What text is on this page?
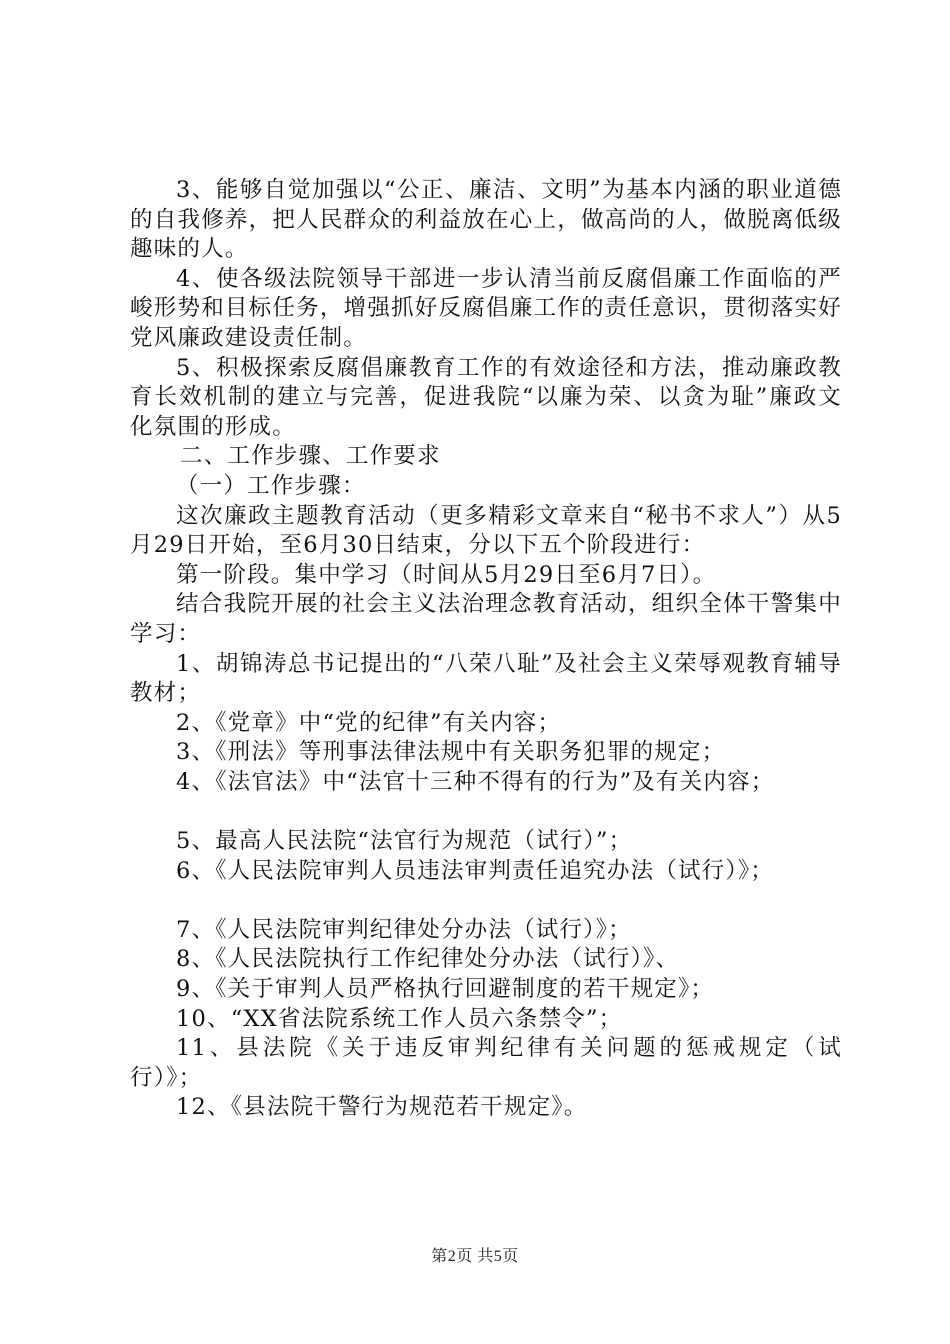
3、能够自觉加强以“公正、廉洁、文明”为基本内涵的职业道德的自我修养，把人民群众的利益放在心上，做高尚的人，做脱离低级趣味的人。

4、使各级法院领导干部进一步认清当前反腐倡廉工作面临的严峻形势和目标任务，增强抓好反腐倡廉工作的责任意识，贯彻落实好党风廉政建设责任制。

5、积极探索反腐倡廉教育工作的有效途径和方法，推动廉政教育长效机制的建立与完善，促进我院“以廉为荣、以贪为耻”廉政文化氛围的形成。

二、工作步骤、工作要求

（一）工作步骤：

这次廉政主题教育活动（更多精彩文章来自“秘书不求人”）从5月29日开始，至6月30日结束，分以下五个阶段进行：

第一阶段。集中学习（时间从5月29日至6月7日）。

结合我院开展的社会主义法治理念教育活动，组织全体干警集中学习：

1、胡锦涛总书记提出的“八荣八耻”及社会主义荣辱观教育辅导教材；

2、《党章》中“党的纪律”有关内容；

3、《刑法》等刑事法律法规中有关职务犯罪的规定；

4、《法官法》中“法官十三种不得有的行为”及有关内容；

5、最高人民法院“法官行为规范（试行）”；

6、《人民法院审判人员违法审判责任追究办法（试行）》；

7、《人民法院审判纪律处分办法（试行）》；

8、《人民法院执行工作纪律处分办法（试行）》、

9、《关于审判人员严格执行回避制度的若干规定》；

10、“XX省法院系统工作人员六条禁令”；

11、县法院《关于违反审判纪律有关问题的惩戒规定（试行）》；

12、《县法院干警行为规范若干规定》。

第2页 共5页
